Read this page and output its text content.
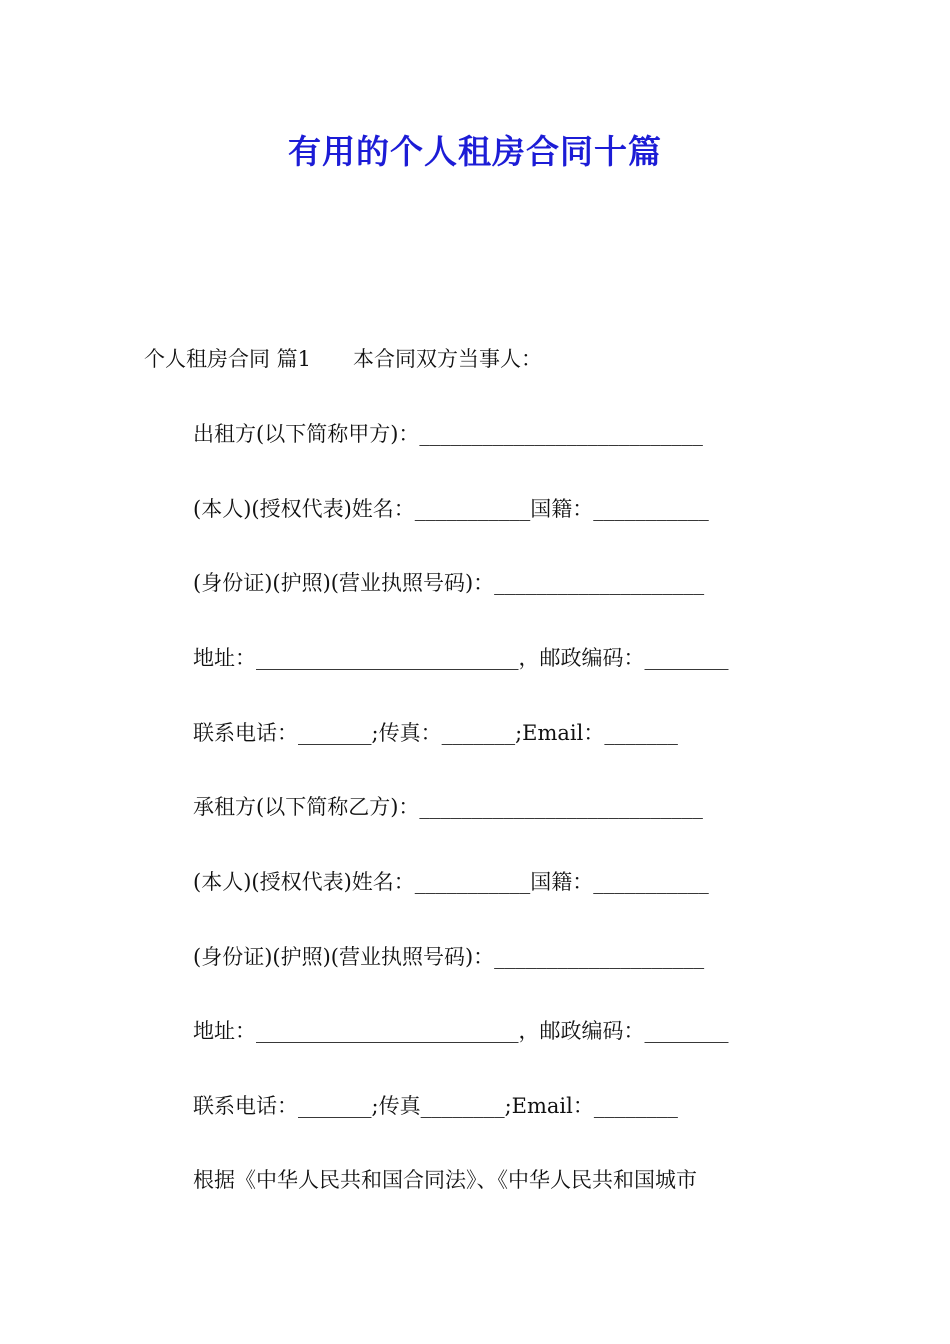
有用的个人租房合同十篇
个人租房合同 篇1　　本合同双方当事人：
出租方(以下简称甲方)：___________________________
(本人)(授权代表)姓名：___________国籍：___________
(身份证)(护照)(营业执照号码)：____________________
地址：_________________________，邮政编码：________
联系电话：_______;传真：_______;Email：_______
承租方(以下简称乙方)：___________________________
(本人)(授权代表)姓名：___________国籍：___________
(身份证)(护照)(营业执照号码)：____________________
地址：_________________________，邮政编码：________
联系电话：_______;传真________;Email：________
根据《中华人民共和国合同法》、《中华人民共和国城市
